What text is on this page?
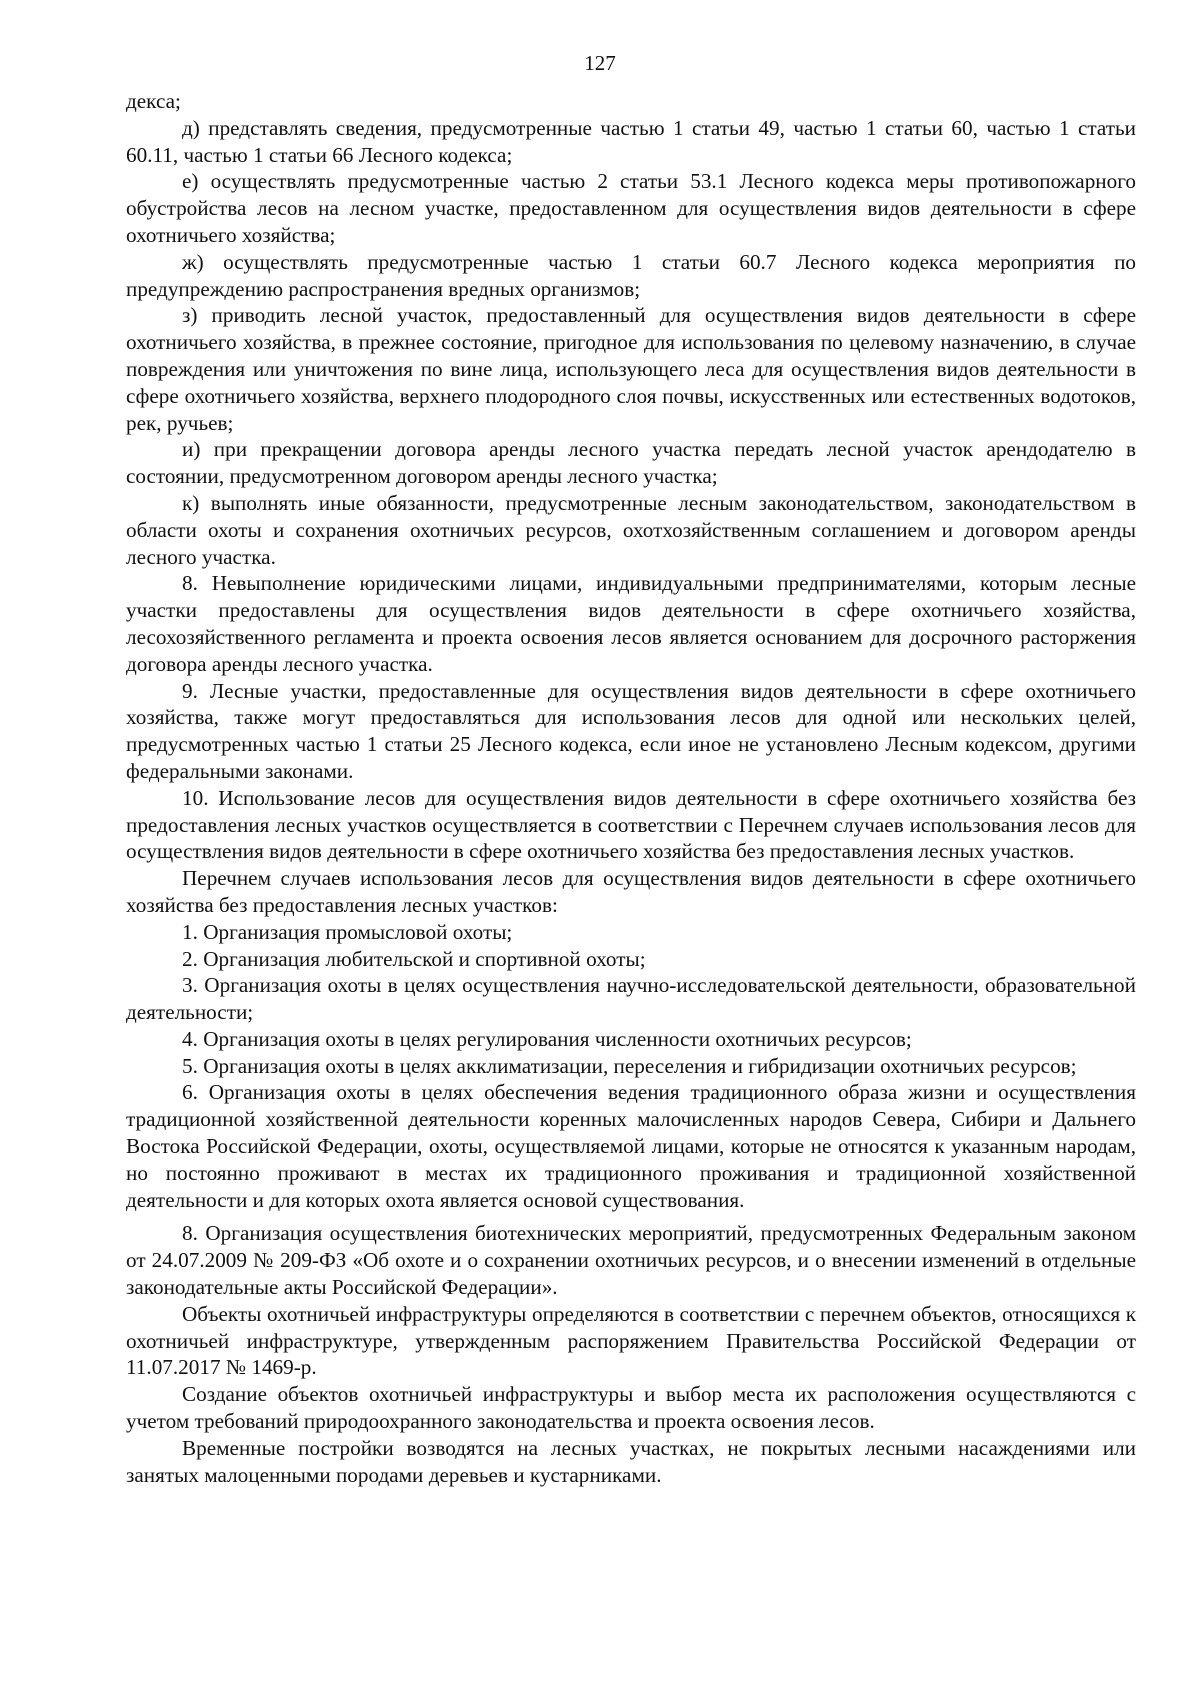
127

декса;

д) представлять сведения, предусмотренные частью 1 статьи 49, частью 1 статьи 60, частью 1 статьи 60.11, частью 1 статьи 66 Лесного кодекса;

е) осуществлять предусмотренные частью 2 статьи 53.1 Лесного кодекса меры противопожарного обустройства лесов на лесном участке, предоставленном для осуществления видов деятельности в сфере охотничьего хозяйства;

ж) осуществлять предусмотренные частью 1 статьи 60.7 Лесного кодекса мероприятия по предупреждению распространения вредных организмов;

з) приводить лесной участок, предоставленный для осуществления видов деятельности в сфере охотничьего хозяйства, в прежнее состояние, пригодное для использования по целевому назначению, в случае повреждения или уничтожения по вине лица, использующего леса для осуществления видов деятельности в сфере охотничьего хозяйства, верхнего плодородного слоя почвы, искусственных или естественных водотоков, рек, ручьев;

и) при прекращении договора аренды лесного участка передать лесной участок арендодателю в состоянии, предусмотренном договором аренды лесного участка;

к) выполнять иные обязанности, предусмотренные лесным законодательством, законодательством в области охоты и сохранения охотничьих ресурсов, охотхозяйственным соглашением и договором аренды лесного участка.

8. Невыполнение юридическими лицами, индивидуальными предпринимателями, которым лесные участки предоставлены для осуществления видов деятельности в сфере охотничьего хозяйства, лесохозяйственного регламента и проекта освоения лесов является основанием для досрочного расторжения договора аренды лесного участка.

9. Лесные участки, предоставленные для осуществления видов деятельности в сфере охотничьего хозяйства, также могут предоставляться для использования лесов для одной или нескольких целей, предусмотренных частью 1 статьи 25 Лесного кодекса, если иное не установлено Лесным кодексом, другими федеральными законами.

10. Использование лесов для осуществления видов деятельности в сфере охотничьего хозяйства без предоставления лесных участков осуществляется в соответствии с Перечнем случаев использования лесов для осуществления видов деятельности в сфере охотничьего хозяйства без предоставления лесных участков.

Перечнем случаев использования лесов для осуществления видов деятельности в сфере охотничьего хозяйства без предоставления лесных участков:

1. Организация промысловой охоты;

2. Организация любительской и спортивной охоты;

3. Организация охоты в целях осуществления научно-исследовательской деятельности, образовательной деятельности;

4. Организация охоты в целях регулирования численности охотничьих ресурсов;

5. Организация охоты в целях акклиматизации, переселения и гибридизации охотничьих ресурсов;

6. Организация охоты в целях обеспечения ведения традиционного образа жизни и осуществления традиционной хозяйственной деятельности коренных малочисленных народов Севера, Сибири и Дальнего Востока Российской Федерации, охоты, осуществляемой лицами, которые не относятся к указанным народам, но постоянно проживают в местах их традиционного проживания и традиционной хозяйственной деятельности и для которых охота является основой существования.

8. Организация осуществления биотехнических мероприятий, предусмотренных Федеральным законом от 24.07.2009 № 209-ФЗ «Об охоте и о сохранении охотничьих ресурсов, и о внесении изменений в отдельные законодательные акты Российской Федерации».

Объекты охотничьей инфраструктуры определяются в соответствии с перечнем объектов, относящихся к охотничьей инфраструктуре, утвержденным распоряжением Правительства Российской Федерации от 11.07.2017 № 1469-р.

Создание объектов охотничьей инфраструктуры и выбор места их расположения осуществляются с учетом требований природоохранного законодательства и проекта освоения лесов.

Временные постройки возводятся на лесных участках, не покрытых лесными насаждениями или занятых малоценными породами деревьев и кустарниками.
